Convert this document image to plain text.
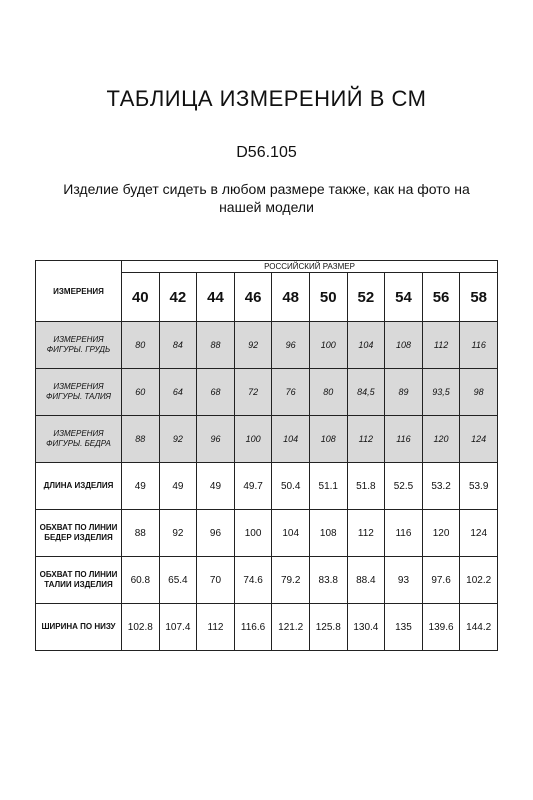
ТАБЛИЦА ИЗМЕРЕНИЙ В СМ
D56.105
Изделие будет сидеть в любом размере также, как на фото на нашей модели
ИЗМЕРЕНИЯ	РОССИЙСКИЙ РАЗМЕР									
	40	42	44	46	48	50	52	54	56	58
ИЗМЕРЕНИЯ ФИГУРЫ. ГРУДЬ	80	84	88	92	96	100	104	108	112	116
ИЗМЕРЕНИЯ ФИГУРЫ. ТАЛИЯ	60	64	68	72	76	80	84,5	89	93,5	98
ИЗМЕРЕНИЯ ФИГУРЫ. БЕДРА	88	92	96	100	104	108	112	116	120	124
ДЛИНА ИЗДЕЛИЯ	49	49	49	49.7	50.4	51.1	51.8	52.5	53.2	53.9
ОБХВАТ ПО ЛИНИИ БЕДЕР ИЗДЕЛИЯ	88	92	96	100	104	108	112	116	120	124
ОБХВАТ ПО ЛИНИИ ТАЛИИ ИЗДЕЛИЯ	60.8	65.4	70	74.6	79.2	83.8	88.4	93	97.6	102.2
ШИРИНА ПО НИЗУ	102.8	107.4	112	116.6	121.2	125.8	130.4	135	139.6	144.2
